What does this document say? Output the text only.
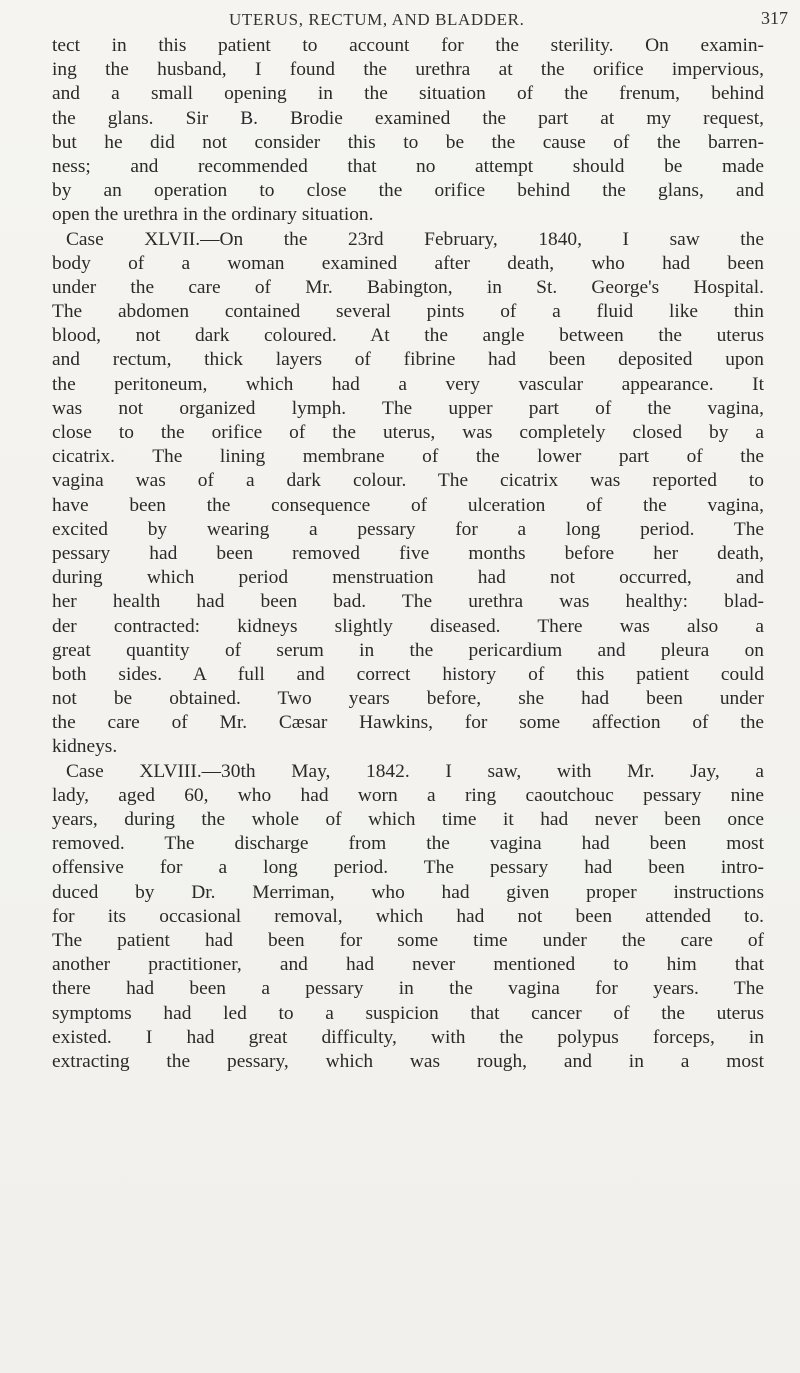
UTERUS, RECTUM, AND BLADDER.	317
tect in this patient to account for the sterility. On examin-
ing the husband, I found the urethra at the orifice impervious,
and a small opening in the situation of the frenum, behind
the glans. Sir B. Brodie examined the part at my request,
but he did not consider this to be the cause of the barren-
ness; and recommended that no attempt should be made
by an operation to close the orifice behind the glans, and
open the urethra in the ordinary situation.
Case XLVII.—On the 23rd February, 1840, I saw the
body of a woman examined after death, who had been
under the care of Mr. Babington, in St. George's Hospital.
The abdomen contained several pints of a fluid like thin
blood, not dark coloured. At the angle between the uterus
and rectum, thick layers of fibrine had been deposited upon
the peritoneum, which had a very vascular appearance. It
was not organized lymph. The upper part of the vagina,
close to the orifice of the uterus, was completely closed by a
cicatrix. The lining membrane of the lower part of the
vagina was of a dark colour. The cicatrix was reported to
have been the consequence of ulceration of the vagina,
excited by wearing a pessary for a long period. The
pessary had been removed five months before her death,
during which period menstruation had not occurred, and
her health had been bad. The urethra was healthy: blad-
der contracted: kidneys slightly diseased. There was also a
great quantity of serum in the pericardium and pleura on
both sides. A full and correct history of this patient could
not be obtained. Two years before, she had been under
the care of Mr. Cæsar Hawkins, for some affection of the
kidneys.
Case XLVIII.—30th May, 1842. I saw, with Mr. Jay, a
lady, aged 60, who had worn a ring caoutchouc pessary nine
years, during the whole of which time it had never been once
removed. The discharge from the vagina had been most
offensive for a long period. The pessary had been intro-
duced by Dr. Merriman, who had given proper instructions
for its occasional removal, which had not been attended to.
The patient had been for some time under the care of
another practitioner, and had never mentioned to him that
there had been a pessary in the vagina for years. The
symptoms had led to a suspicion that cancer of the uterus
existed. I had great difficulty, with the polypus forceps, in
extracting the pessary, which was rough, and in a most
